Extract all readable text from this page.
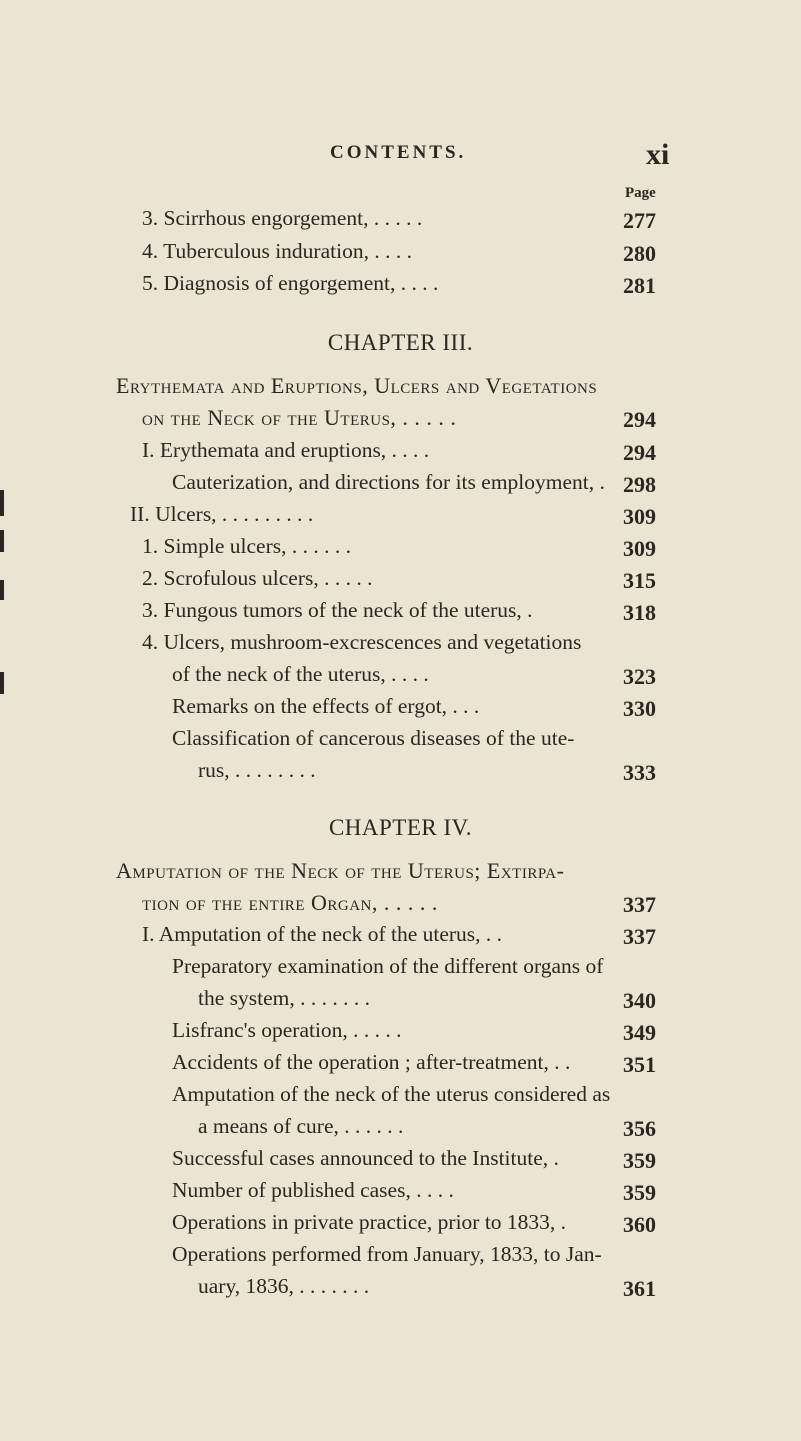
CONTENTS.	xi
Page
3. Scirrhous engorgement, . . . . .	277
4. Tuberculous induration, . . . .	280
5. Diagnosis of engorgement, . . . .	281
CHAPTER III.
Erythemata and Eruptions, Ulcers and Vegetations
on the Neck of the Uterus, . . . . .	294
I. Erythemata and eruptions, . . . .	294
Cauterization, and directions for its employment, . 298
II. Ulcers, . . . . . . . . .	309
1. Simple ulcers, . . . . . .	309
2. Scrofulous ulcers, . . . . .	315
3. Fungous tumors of the neck of the uterus, .	318
4. Ulcers, mushroom-excrescences and vegetations
of the neck of the uterus, . . . .	323
Remarks on the effects of ergot, . . .	330
Classification of cancerous diseases of the ute-
rus, . . . . . . . .	333
CHAPTER IV.
Amputation of the Neck of the Uterus; Extirpa-
tion of the entire Organ, . . . . .	337
I. Amputation of the neck of the uterus, . .	337
Preparatory examination of the different organs of
the system, . . . . . . .	340
Lisfranc's operation, . . . . .	349
Accidents of the operation ; after-treatment, . .	351
Amputation of the neck of the uterus considered as
a means of cure, . . . . . .	356
Successful cases announced to the Institute, .	359
Number of published cases, . . . .	359
Operations in private practice, prior to 1833, .	360
Operations performed from January, 1833, to Jan-
uary, 1836, . . . . . . .	361
